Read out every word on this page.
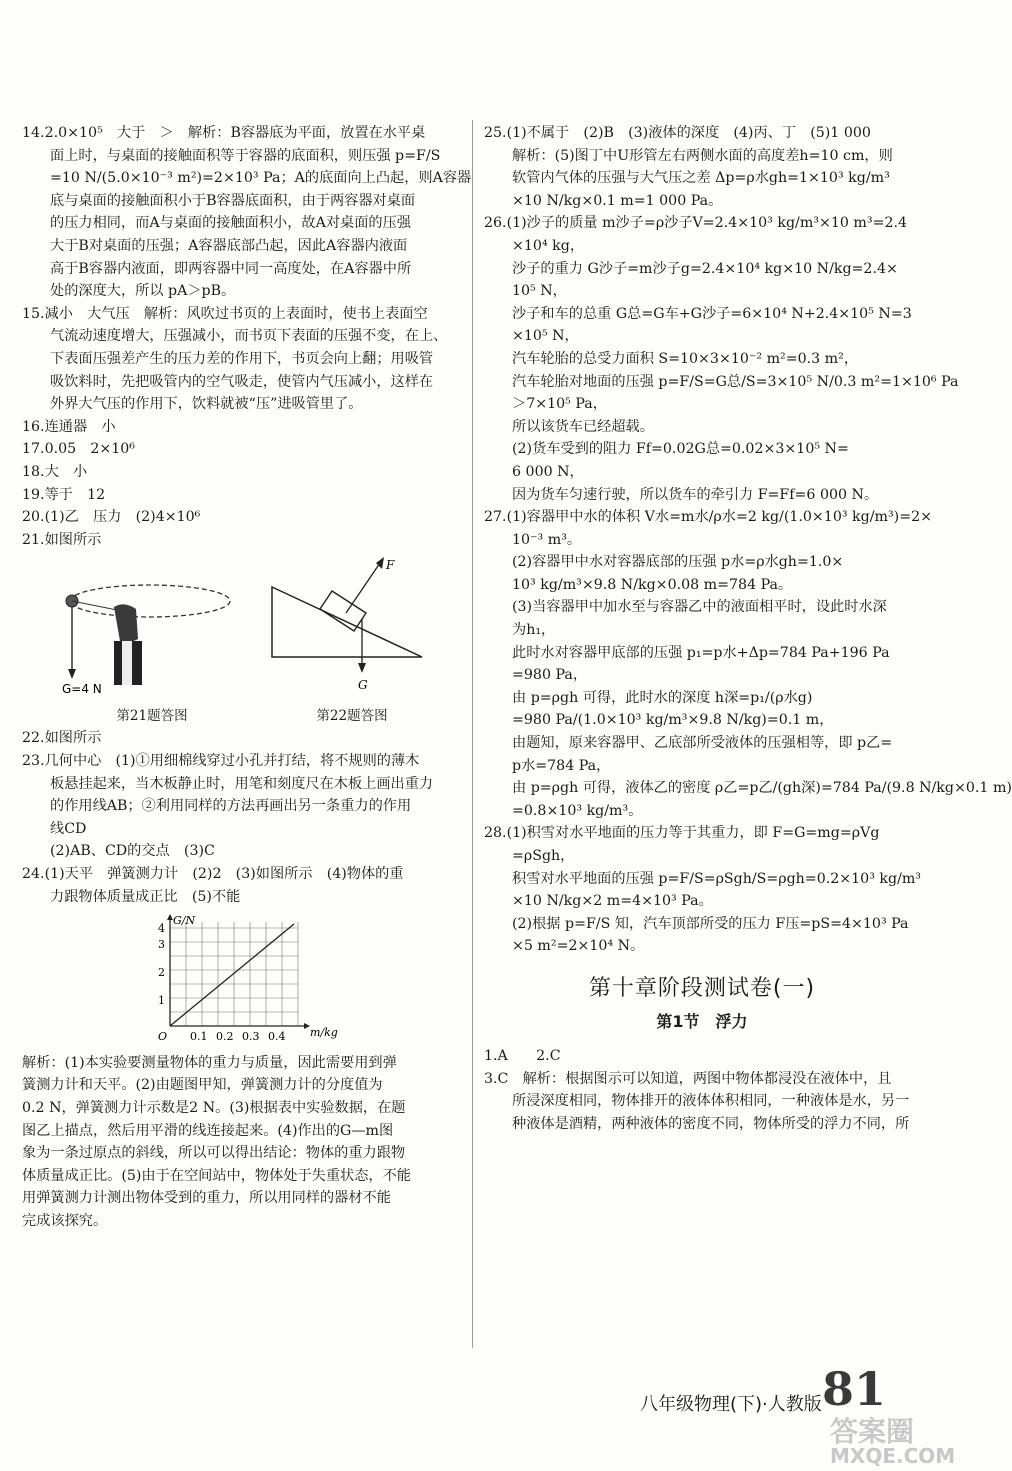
14.2.0×10⁵　大于　＞　解析：B容器底为平面，放置在水平桌
面上时，与桌面的接触面积等于容器的底面积，则压强 p=F/S
=10 N/(5.0×10⁻³ m²)=2×10³ Pa；A的底面向上凸起，则A容器
底与桌面的接触面积小于B容器底面积，由于两容器对桌面
的压力相同，而A与桌面的接触面积小，故A对桌面的压强
大于B对桌面的压强；A容器底部凸起，因此A容器内液面
高于B容器内液面，即两容器中同一高度处，在A容器中所
处的深度大，所以 pA＞pB。
15.减小　大气压　解析：风吹过书页的上表面时，使书上表面空
气流动速度增大，压强减小，而书页下表面的压强不变，在上、
下表面压强差产生的压力差的作用下，书页会向上翻；用吸管
吸饮料时，先把吸管内的空气吸走，使管内气压减小，这样在
外界大气压的作用下，饮料就被“压”进吸管里了。
16.连通器　小
17.0.05　2×10⁶
18.大　小
19.等于　12
20.(1)乙　压力　(2)4×10⁶
21.如图所示
G=4 N
第21题答图
F
G
第22题答图
22.如图所示
23.几何中心　(1)①用细棉线穿过小孔并打结，将不规则的薄木
板悬挂起来，当木板静止时，用笔和刻度尺在木板上画出重力
的作用线AB；②利用同样的方法再画出另一条重力的作用
线CD
(2)AB、CD的交点　(3)C
24.(1)天平　弹簧测力计　(2)2　(3)如图所示　(4)物体的重
力跟物体质量成正比　(5)不能
G/N
m/kg
O
1
2
3
4
0.1 0.2 0.3 0.4
解析：(1)本实验要测量物体的重力与质量，因此需要用到弹
簧测力计和天平。(2)由题图甲知，弹簧测力计的分度值为
0.2 N，弹簧测力计示数是2 N。(3)根据表中实验数据，在题
图乙上描点，然后用平滑的线连接起来。(4)作出的G—m图
象为一条过原点的斜线，所以可以得出结论：物体的重力跟物
体质量成正比。(5)由于在空间站中，物体处于失重状态，不能
用弹簧测力计测出物体受到的重力，所以用同样的器材不能
完成该探究。
25.(1)不属于　(2)B　(3)液体的深度　(4)丙、丁　(5)1 000
解析：(5)图丁中U形管左右两侧水面的高度差h=10 cm，则
软管内气体的压强与大气压之差 Δp=ρ水gh=1×10³ kg/m³
×10 N/kg×0.1 m=1 000 Pa。
26.(1)沙子的质量 m沙子=ρ沙子V=2.4×10³ kg/m³×10 m³=2.4
×10⁴ kg，
沙子的重力 G沙子=m沙子g=2.4×10⁴ kg×10 N/kg=2.4×
10⁵ N，
沙子和车的总重 G总=G车+G沙子=6×10⁴ N+2.4×10⁵ N=3
×10⁵ N，
汽车轮胎的总受力面积 S=10×3×10⁻² m²=0.3 m²，
汽车轮胎对地面的压强 p=F/S=G总/S=3×10⁵ N/0.3 m²=1×10⁶ Pa
＞7×10⁵ Pa，
所以该货车已经超载。
(2)货车受到的阻力 Ff=0.02G总=0.02×3×10⁵ N=
6 000 N，
因为货车匀速行驶，所以货车的牵引力 F=Ff=6 000 N。
27.(1)容器甲中水的体积 V水=m水/ρ水=2 kg/(1.0×10³ kg/m³)=2×
10⁻³ m³。
(2)容器甲中水对容器底部的压强 p水=ρ水gh=1.0×
10³ kg/m³×9.8 N/kg×0.08 m=784 Pa。
(3)当容器甲中加水至与容器乙中的液面相平时，设此时水深
为h₁，
此时水对容器甲底部的压强 p₁=p水+Δp=784 Pa+196 Pa
=980 Pa，
由 p=ρgh 可得，此时水的深度 h深=p₁/(ρ水g)
=980 Pa/(1.0×10³ kg/m³×9.8 N/kg)=0.1 m，
由题知，原来容器甲、乙底部所受液体的压强相等，即 p乙=
p水=784 Pa，
由 p=ρgh 可得，液体乙的密度 ρ乙=p乙/(gh深)=784 Pa/(9.8 N/kg×0.1 m)
=0.8×10³ kg/m³。
28.(1)积雪对水平地面的压力等于其重力，即 F=G=mg=ρVg
=ρSgh，
积雪对水平地面的压强 p=F/S=ρSgh/S=ρgh=0.2×10³ kg/m³
×10 N/kg×2 m=4×10³ Pa。
(2)根据 p=F/S 知，汽车顶部所受的压力 F压=pS=4×10³ Pa
×5 m²=2×10⁴ N。
第十章阶段测试卷(一)
第1节　浮力
1.A　　2.C
3.C　解析：根据图示可以知道，两图中物体都浸没在液体中，且
所浸深度相同，物体排开的液体体积相同，一种液体是水，另一
种液体是酒精，两种液体的密度不同，物体所受的浮力不同，所
八年级物理(下)·人教版 81
答案圈
MXQE.COM
